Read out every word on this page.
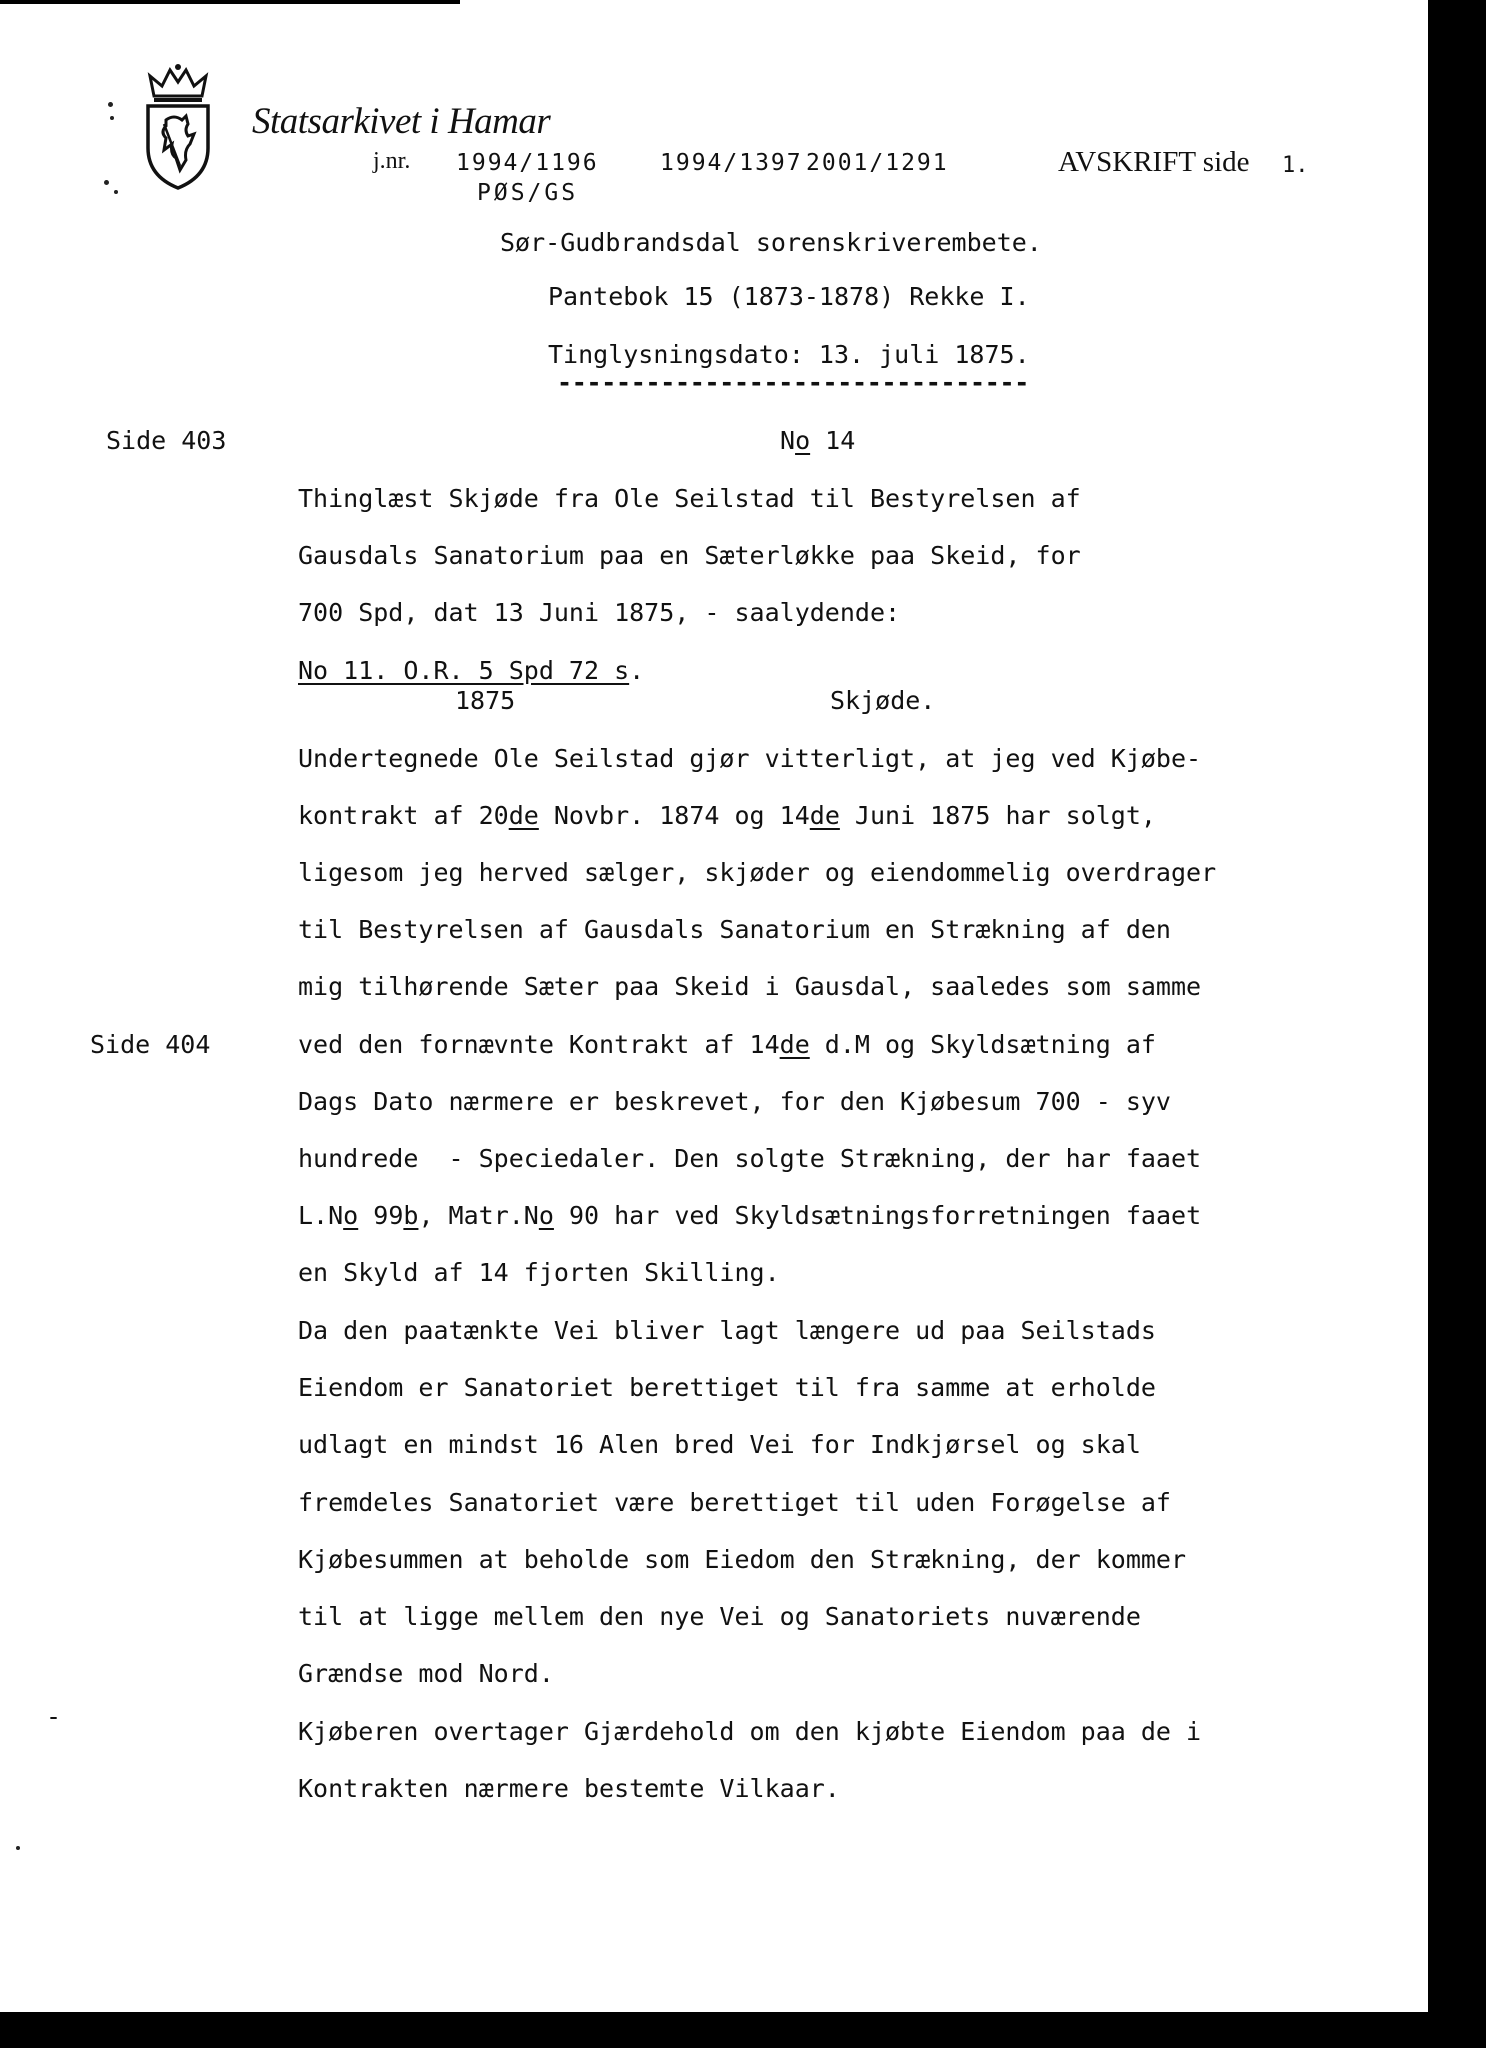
Statsarkivet i Hamar
j.nr. 1994/1196	1994/1397 2001/1291	AVSKRIFT side 1.
PØS/GS
Sør-Gudbrandsdal sorenskriverembete.
Pantebok 15 (1873-1878) Rekke I.
Tinglysningsdato: 13. juli 1875.
--------------------------------
Side 403
Side 404
-
No 14
Thinglæst Skjøde fra Ole Seilstad til Bestyrelsen af
Gausdals Sanatorium paa en Sæterløkke paa Skeid, for
700 Spd, dat 13 Juni 1875, - saalydende:
No 11. O.R. 5 Spd 72 s.
1875	Skjøde.
Undertegnede Ole Seilstad gjør vitterligt, at jeg ved Kjøbe-
kontrakt af 20de Novbr. 1874 og 14de Juni 1875 har solgt,
ligesom jeg herved sælger, skjøder og eiendommelig overdrager
til Bestyrelsen af Gausdals Sanatorium en Strækning af den
mig tilhørende Sæter paa Skeid i Gausdal, saaledes som samme
ved den fornævnte Kontrakt af 14de d.M og Skyldsætning af
Dags Dato nærmere er beskrevet, for den Kjøbesum 700 - syv
hundrede  - Speciedaler. Den solgte Strækning, der har faaet
L.No 99b, Matr.No 90 har ved Skyldsætningsforretningen faaet
en Skyld af 14 fjorten Skilling.
Da den paatænkte Vei bliver lagt længere ud paa Seilstads
Eiendom er Sanatoriet berettiget til fra samme at erholde
udlagt en mindst 16 Alen bred Vei for Indkjørsel og skal
fremdeles Sanatoriet være berettiget til uden Forøgelse af
Kjøbesummen at beholde som Eiedom den Strækning, der kommer
til at ligge mellem den nye Vei og Sanatoriets nuværende
Grændse mod Nord.
Kjøberen overtager Gjærdehold om den kjøbte Eiendom paa de i
Kontrakten nærmere bestemte Vilkaar.
